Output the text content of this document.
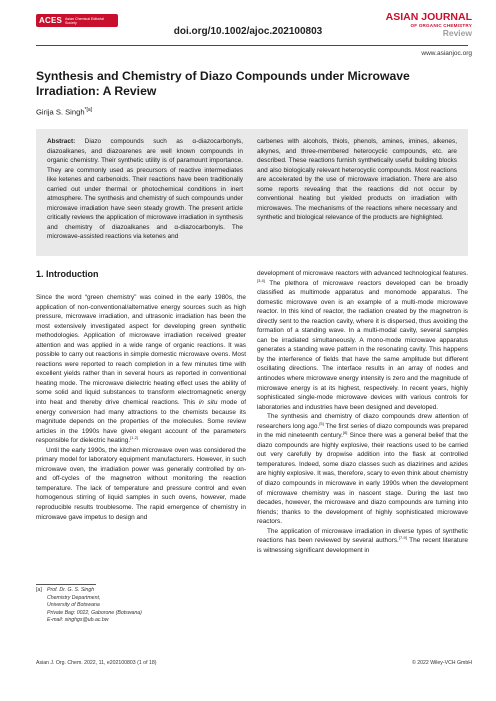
ACES Asian Chemical Editorial Society
doi.org/10.1002/ajoc.202100803
ASIAN JOURNAL
OF ORGANIC CHEMISTRY
Review
www.asianjoc.org
Synthesis and Chemistry of Diazo Compounds under Microwave Irradiation: A Review
Girija S. Singh$^{*[a]}$
Abstract: Diazo compounds such as α-diazocarbonyls, diazoalkanes, and diazoarenes are well known compounds in organic chemistry. Their synthetic utility is of paramount importance. They are commonly used as precursors of reactive intermediates like ketenes and carbenoids. Their reactions have been traditionally carried out under thermal or photochemical conditions in inert atmosphere. The synthesis and chemistry of such compounds under microwave irradiation have seen steady growth. The present article critically reviews the application of microwave irradiation in synthesis and chemistry of diazoalkanes and α-diazocarbonyls. The microwave-assisted reactions via ketenes and
carbenes with alcohols, thiols, phenols, amines, imines, alkenes, alkynes, and three-membered heterocyclic compounds, etc. are described. These reactions furnish synthetically useful building blocks and also biologically relevant heterocyclic compounds. Most reactions are accelerated by the use of microwave irradiation. There are also some reports revealing that the reactions did not occur by conventional heating but yielded products on irradiation with microwaves. The mechanisms of the reactions where necessary and synthetic and biological relevance of the products are highlighted.
1. Introduction

Since the word “green chemistry” was coined in the early 1980s, the application of non-conventional/alternative energy sources such as high pressure, microwave irradiation, and ultrasonic irradiation has been the most extensively investigated aspect for developing green synthetic methodologies. Application of microwave irradiation received greater attention and was applied in a wide range of organic reactions. It was possible to carry out reactions in simple domestic microwave ovens. Most reactions were reported to reach completion in a few minutes time with excellent yields rather than in several hours as reported in conventional heating mode. The microwave dielectric heating effect uses the ability of some solid and liquid substances to transform electromagnetic energy into heat and thereby drive chemical reactions. This in situ mode of energy conversion had many attractions to the chemists because its magnitude depends on the properties of the molecules. Some review articles in the 1990s have given elegant account of the parameters responsible for dielectric heating.[1,2]

Until the early 1990s, the kitchen microwave oven was considered the primary model for laboratory equipment manufacturers. However, in such microwave oven, the irradiation power was generally controlled by on- and off-cycles of the magnetron without monitoring the reaction temperature. The lack of temperature and pressure control and even homogenous stirring of liquid samples in such ovens, however, made reproducible results troublesome. The rapid emergence of chemistry in microwave gave impetus to design and

development of microwave reactors with advanced technological features.[3,4] The plethora of microwave reactors developed can be broadly classified as multimode apparatus and monomode apparatus. The domestic microwave oven is an example of a multi-mode microwave reactor. In this kind of reactor, the radiation created by the magnetron is directly sent to the reaction cavity, where it is dispersed, thus avoiding the formation of a standing wave. In a multi-modal cavity, several samples can be irradiated simultaneously. A mono-mode microwave apparatus generates a standing wave pattern in the resonating cavity. This happens by the interference of fields that have the same amplitude but different oscillating directions. The interface results in an array of nodes and antinodes where microwave energy intensity is zero and the magnitude of microwave energy is at its highest, respectively. In recent years, highly sophisticated single-mode microwave devices with various controls for laboratories and industries have been designed and developed.

The synthesis and chemistry of diazo compounds drew attention of researchers long ago.[5] The first series of diazo compounds was prepared in the mid nineteenth century.[6] Since there was a general belief that the diazo compounds are highly explosive, their reactions used to be carried out very carefully by dropwise addition into the flask at controlled temperatures. Indeed, some diazo classes such as diazirines and azides are highly explosive. It was, therefore, scary to even think about chemistry of diazo compounds in microwave in early 1990s when the development of microwave chemistry was in nascent stage. During the last two decades, however, the microwave and diazo compounds are turning into friends; thanks to the development of highly sophisticated microwave reactors.

The application of microwave irradiation in diverse types of synthetic reactions has been reviewed by several authors.[7-9] The recent literature is witnessing significant development in

[a] Prof. Dr. G. S. Singh
Chemistry Department,
University of Botswana
Private Bag: 0022, Gaborone (Botswana)
E-mail: singhgs@ub.ac.bw
Asian J. Org. Chem. 2022, 11, e202100803 (1 of 18)	© 2022 Wiley-VCH GmbH
